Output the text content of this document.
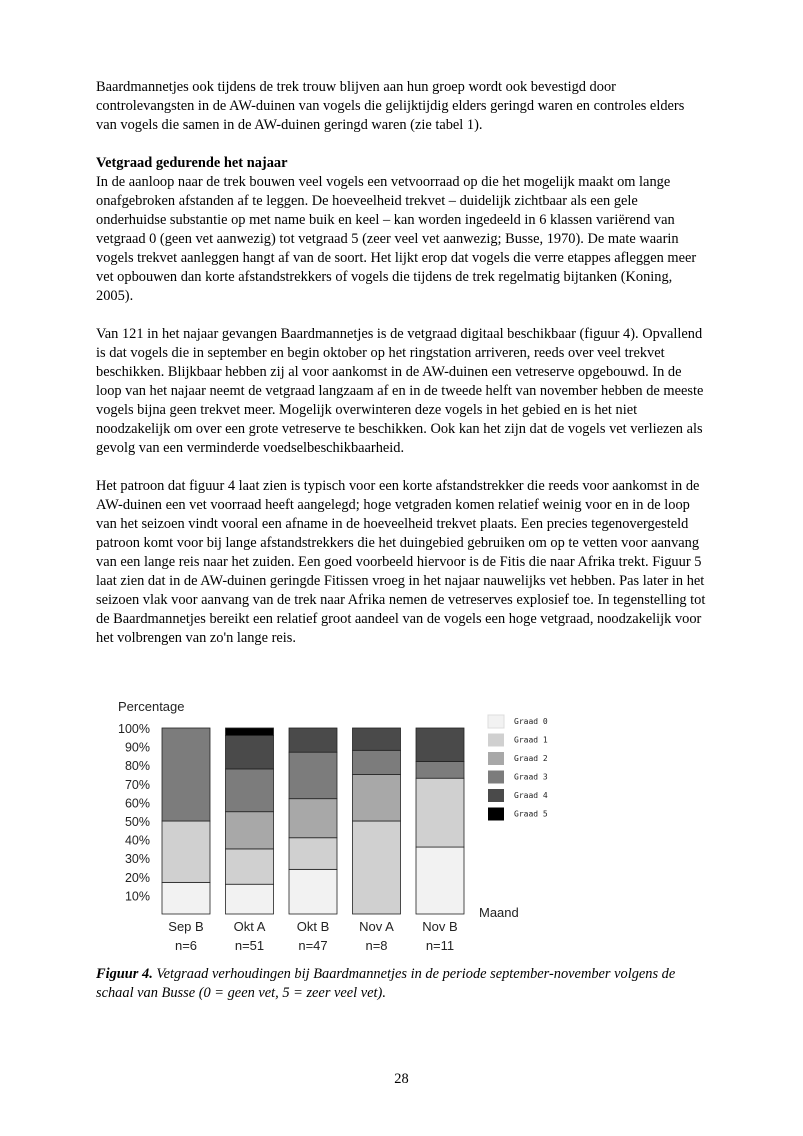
Baardmannetjes ook tijdens de trek trouw blijven aan hun groep wordt ook bevestigd door controlevangsten in de AW-duinen van vogels die gelijktijdig elders geringd waren en controles elders van vogels die samen in de AW-duinen geringd waren (zie tabel 1).

Vetgraad gedurende het najaar

In de aanloop naar de trek bouwen veel vogels een vetvoorraad op die het mogelijk maakt om lange onafgebroken afstanden af te leggen. De hoeveelheid trekvet – duidelijk zichtbaar als een gele onderhuidse substantie op met name buik en keel – kan worden ingedeeld in 6 klassen variërend van vetgraad 0 (geen vet aanwezig) tot vetgraad 5 (zeer veel vet aanwezig; Busse, 1970). De mate waarin vogels trekvet aanleggen hangt af van de soort. Het lijkt erop dat vogels die verre etappes afleggen meer vet opbouwen dan korte afstandstrekkers of vogels die tijdens de trek regelmatig bijtanken (Koning, 2005).

Van 121 in het najaar gevangen Baardmannetjes is de vetgraad digitaal beschikbaar (figuur 4). Opvallend is dat vogels die in september en begin oktober op het ringstation arriveren, reeds over veel trekvet beschikken. Blijkbaar hebben zij al voor aankomst in de AW-duinen een vetreserve opgebouwd. In de loop van het najaar neemt de vetgraad langzaam af en in de tweede helft van november hebben de meeste vogels bijna geen trekvet meer. Mogelijk overwinteren deze vogels in het gebied en is het niet noodzakelijk om over een grote vetreserve te beschikken. Ook kan het zijn dat de vogels vet verliezen als gevolg van een verminderde voedselbeschikbaarheid.

Het patroon dat figuur 4 laat zien is typisch voor een korte afstandstrekker die reeds voor aankomst in de AW-duinen een vet voorraad heeft aangelegd; hoge vetgraden komen relatief weinig voor en in de loop van het seizoen vindt vooral een afname in de hoeveelheid trekvet plaats. Een precies tegenovergesteld patroon komt voor bij lange afstandstrekkers die het duingebied gebruiken om op te vetten voor aanvang van een lange reis naar het zuiden. Een goed voorbeeld hiervoor is de Fitis die naar Afrika trekt. Figuur 5 laat zien dat in de AW-duinen geringde Fitissen vroeg in het najaar nauwelijks vet hebben. Pas later in het seizoen vlak voor aanvang van de trek naar Afrika nemen de vetreserves explosief toe. In tegenstelling tot de Baardmannetjes bereikt een relatief groot aandeel van de vogels een hoge vetgraad, noodzakelijk voor het volbrengen van zo'n lange reis.

Percentage
10%
20%
30%
40%
50%
60%
70%
80%
90%
100%
Sep B
n=6
Okt A
n=51
Okt B
n=47
Nov A
n=8
Nov B
n=11
Maand
Graad 0
Graad 1
Graad 2
Graad 3
Graad 4
Graad 5
Figuur 4. Vetgraad verhoudingen bij Baardmannetjes in de periode september-november volgens de schaal van Busse (0 = geen vet, 5 = zeer veel vet).
28
